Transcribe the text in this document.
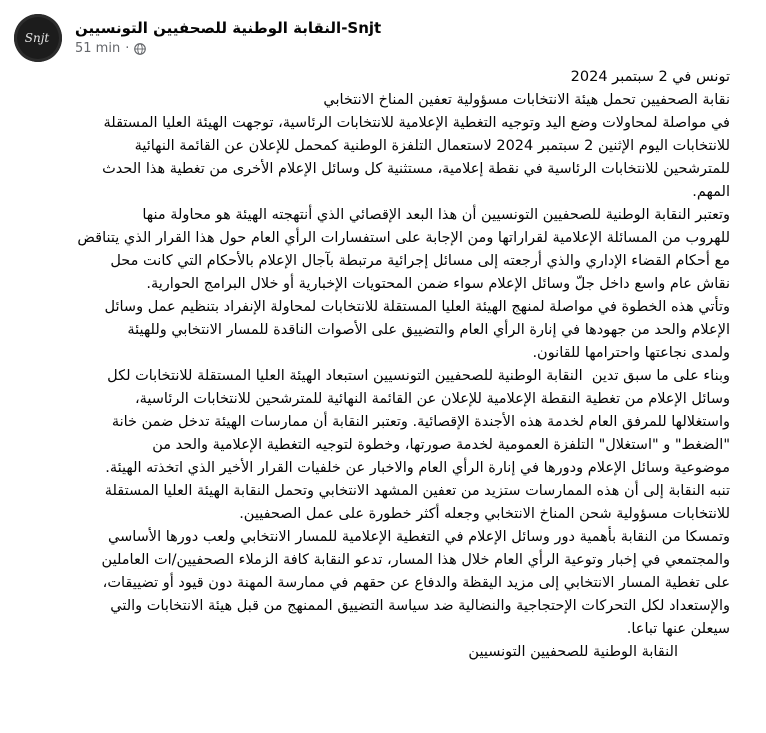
Snjt
النقابة الوطنية للصحفيين التونسيين-Snjt
51 min ·

تونس في 2 سبتمبر 2024

نقابة الصحفيين تحمل هيئة الانتخابات مسؤولية تعفين المناخ الانتخابي

في مواصلة لمحاولات وضع اليد وتوجيه التغطية الإعلامية للانتخابات الرئاسية، توجهت الهيئة العليا المستقلة
للانتخابات اليوم الإثنين 2 سبتمبر 2024 لاستعمال التلفزة الوطنية كمحمل للإعلان عن القائمة النهائية
للمترشحين للانتخابات الرئاسية في نقطة إعلامية، مستثنية كل وسائل الإعلام الأخرى من تغطية هذا الحدث
المهم.

وتعتبر النقابة الوطنية للصحفيين التونسيين أن هذا البعد الإقصائي الذي أنتهجته الهيئة هو محاولة منها
للهروب من المسائلة الإعلامية لقراراتها ومن الإجابة على استفسارات الرأي العام حول هذا القرار الذي يتناقض
مع أحكام القضاء الإداري والذي أرجعته إلى مسائل إجرائية مرتبطة بآجال الإعلام بالأحكام التي كانت محل
نقاش عام واسع داخل جلّ وسائل الإعلام سواء ضمن المحتويات الإخبارية أو خلال البرامج الحوارية.

وتأتي هذه الخطوة في مواصلة لمنهج الهيئة العليا المستقلة للانتخابات لمحاولة الإنفراد بتنظيم عمل وسائل
الإعلام والحد من جهودها في إنارة الرأي العام والتضييق على الأصوات الناقدة للمسار الانتخابي وللهيئة
ولمدى نجاعتها واحترامها للقانون.

وبناء على ما سبق تدين  النقابة الوطنية للصحفيين التونسيين استبعاد الهيئة العليا المستقلة للانتخابات لكل
وسائل الإعلام من تغطية النقطة الإعلامية للإعلان عن القائمة النهائية للمترشحين للانتخابات الرئاسية،
واستغلالها للمرفق العام لخدمة هذه الأجندة الإقصائية. وتعتبر النقابة أن ممارسات الهيئة تدخل ضمن خانة
"الضغط" و "استغلال" التلفزة العمومية لخدمة صورتها، وخطوة لتوجيه التغطية الإعلامية والحد من
موضوعية وسائل الإعلام ودورها في إنارة الرأي العام والاخبار عن خلفيات القرار الأخير الذي اتخذته الهيئة.

تنبه النقابة إلى أن هذه الممارسات ستزيد من تعفين المشهد الانتخابي وتحمل النقابة الهيئة العليا المستقلة
للانتخابات مسؤولية شحن المناخ الانتخابي وجعله أكثر خطورة على عمل الصحفيين.

وتمسكا من النقابة بأهمية دور وسائل الإعلام في التغطية الإعلامية للمسار الانتخابي ولعب دورها الأساسي
والمجتمعي في إخبار وتوعية الرأي العام خلال هذا المسار، تدعو النقابة كافة الزملاء الصحفيين/ات العاملين
على تغطية المسار الانتخابي إلى مزيد اليقظة والدفاع عن حقهم في ممارسة المهنة دون قيود أو تضييقات،
والإستعداد لكل التحركات الإحتجاجية والنضالية ضد سياسة التضييق الممنهج من قبل هيئة الانتخابات والتي
سيعلن عنها تباعا.

النقابة الوطنية للصحفيين التونسيين
